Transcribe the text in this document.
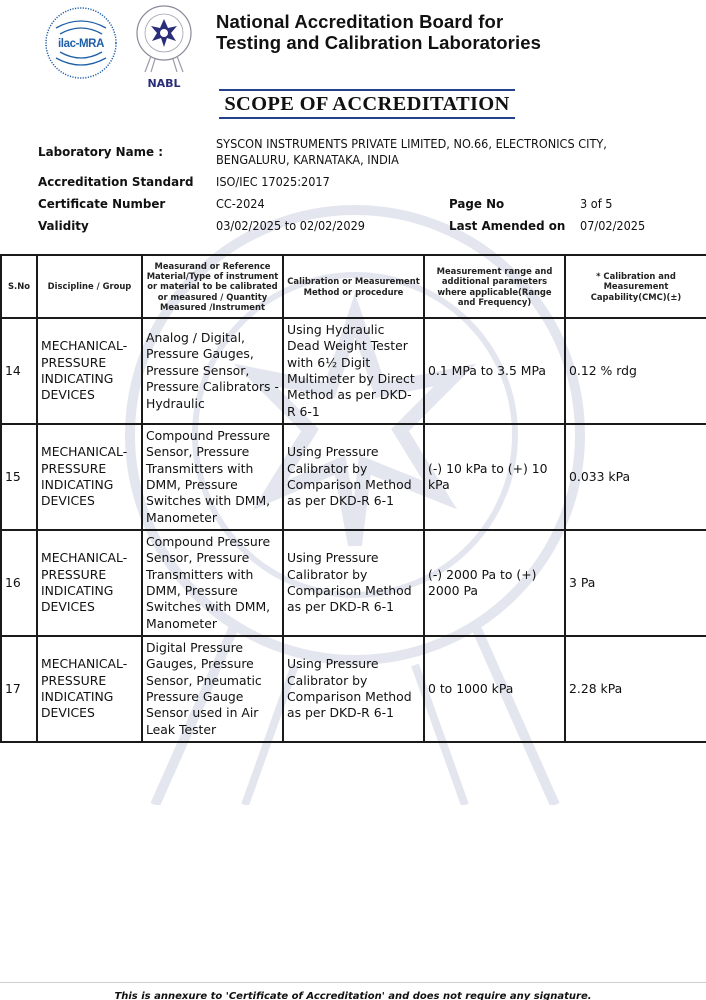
ilac-MRA
NABL
National Accreditation Board for
Testing and Calibration Laboratories
SCOPE OF ACCREDITATION
Laboratory Name :	SYSCON INSTRUMENTS PRIVATE LIMITED, NO.66, ELECTRONICS CITY,
BENGALURU, KARNATAKA, INDIA
Accreditation Standard	ISO/IEC 17025:2017
Certificate Number	CC-2024	Page No	3 of 5
Validity	03/02/2025 to 02/02/2029	Last Amended on	07/02/2025
S.No	Discipline / Group	Measurand or Reference Material/Type of instrument or material to be calibrated or measured / Quantity Measured /Instrument	Calibration or Measurement Method or procedure	Measurement range and additional parameters where applicable(Range and Frequency)	* Calibration and Measurement Capability(CMC)(±)
14	MECHANICAL-PRESSURE INDICATING DEVICES	Analog / Digital, Pressure Gauges, Pressure Sensor, Pressure Calibrators - Hydraulic	Using Hydraulic Dead Weight Tester with 6½ Digit Multimeter by Direct Method as per DKD-R 6-1	0.1 MPa to 3.5 MPa	0.12 % rdg
15	MECHANICAL-PRESSURE INDICATING DEVICES	Compound Pressure Sensor, Pressure Transmitters with DMM, Pressure Switches with DMM, Manometer	Using Pressure Calibrator by Comparison Method as per DKD-R 6-1	(-) 10 kPa to (+) 10 kPa	0.033 kPa
16	MECHANICAL-PRESSURE INDICATING DEVICES	Compound Pressure Sensor, Pressure Transmitters with DMM, Pressure Switches with DMM, Manometer	Using Pressure Calibrator by Comparison Method as per DKD-R 6-1	(-) 2000 Pa to (+) 2000 Pa	3 Pa
17	MECHANICAL-PRESSURE INDICATING DEVICES	Digital Pressure Gauges, Pressure Sensor, Pneumatic Pressure Gauge Sensor used in Air Leak Tester	Using Pressure Calibrator by Comparison Method as per DKD-R 6-1	0 to 1000 kPa	2.28 kPa
This is annexure to 'Certificate of Accreditation' and does not require any signature.
